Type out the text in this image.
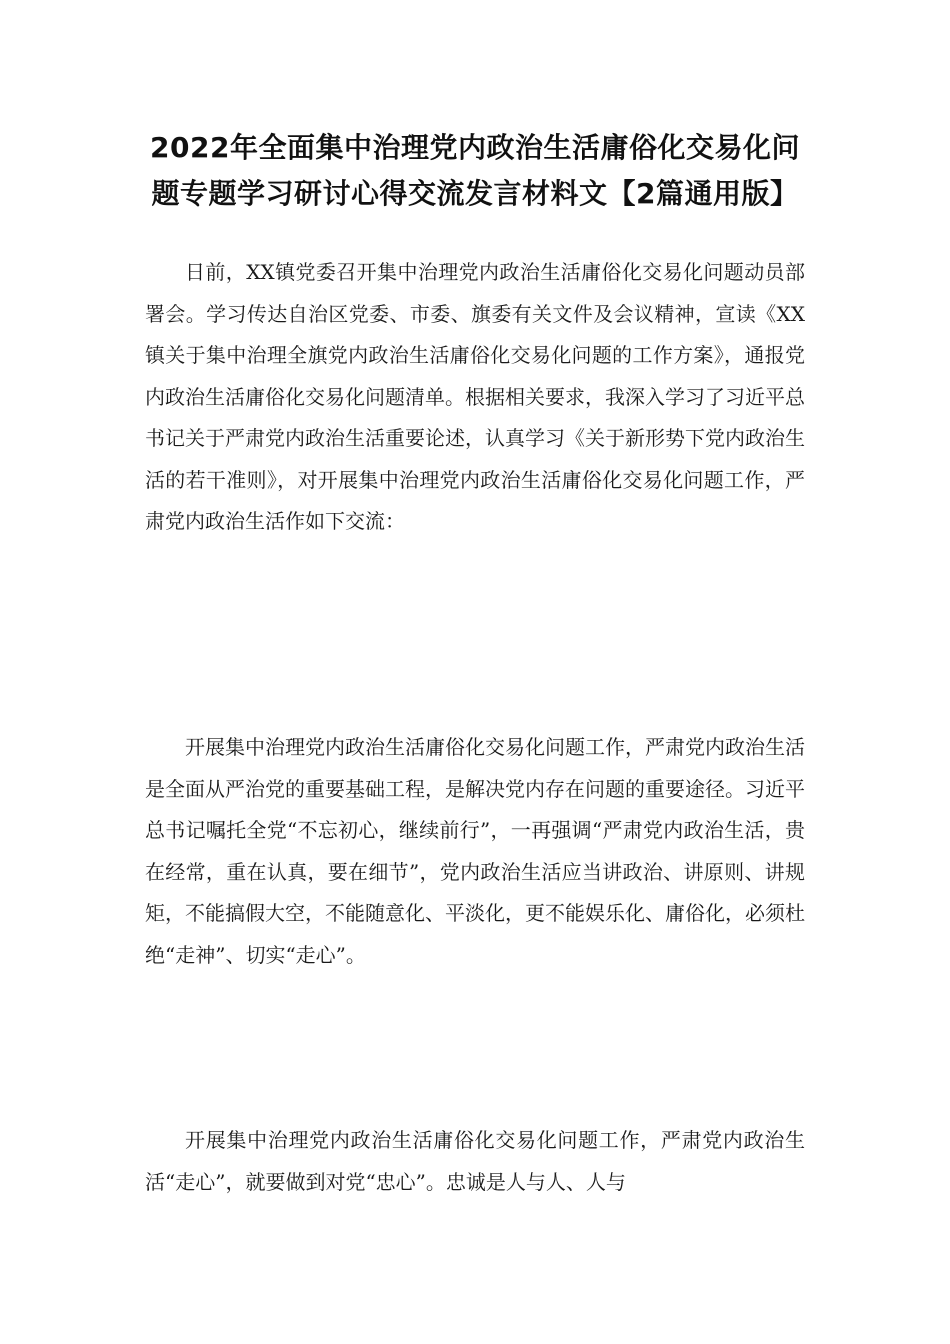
2022年全面集中治理党内政治生活庸俗化交易化问题专题学习研讨心得交流发言材料文【2篇通用版】

日前，XX镇党委召开集中治理党内政治生活庸俗化交易化问题动员部署会。学习传达自治区党委、市委、旗委有关文件及会议精神，宣读《XX镇关于集中治理全旗党内政治生活庸俗化交易化问题的工作方案》，通报党内政治生活庸俗化交易化问题清单。根据相关要求，我深入学习了习近平总书记关于严肃党内政治生活重要论述，认真学习《关于新形势下党内政治生活的若干准则》，对开展集中治理党内政治生活庸俗化交易化问题工作，严肃党内政治生活作如下交流：

开展集中治理党内政治生活庸俗化交易化问题工作，严肃党内政治生活是全面从严治党的重要基础工程，是解决党内存在问题的重要途径。习近平总书记嘱托全党“不忘初心，继续前行”，一再强调“严肃党内政治生活，贵在经常，重在认真，要在细节”，党内政治生活应当讲政治、讲原则、讲规矩，不能搞假大空，不能随意化、平淡化，更不能娱乐化、庸俗化，必须杜绝“走神”、切实“走心”。

开展集中治理党内政治生活庸俗化交易化问题工作，严肃党内政治生活“走心”，就要做到对党“忠心”。忠诚是人与人、人与
